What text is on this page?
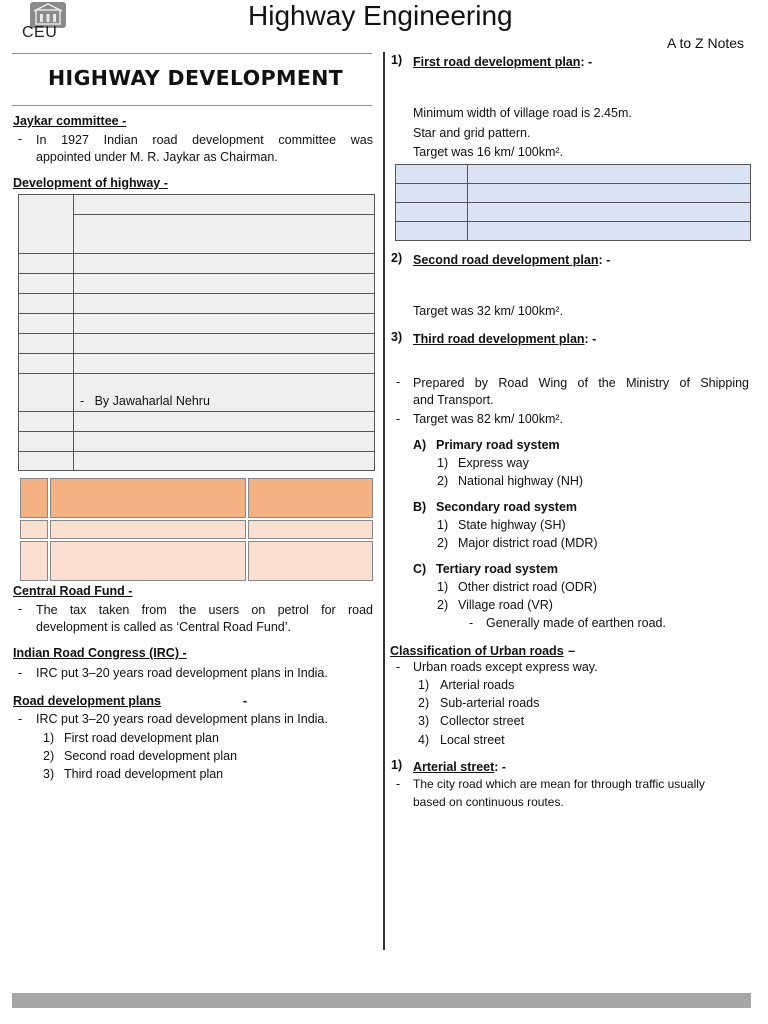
CEU
Highway Engineering
A to Z Notes
HIGHWAY DEVELOPMENT
Jaykar committee -
- In 1927 Indian road development committee was
appointed under M. R. Jaykar as Chairman.
Development of highway -

	- By Jawaharlal Nehru

Central Road Fund -
- The tax taken from the users on petrol for road
development is called as ‘Central Road Fund’.
Indian Road Congress (IRC) -
- IRC put 3–20 years road development plans in India.
Road development plans	-
- IRC put 3–20 years road development plans in India.
1) First road development plan
2) Second road development plan
3) Third road development plan
1) First road development plan: -
Minimum width of village road is 2.45m.
Star and grid pattern.
Target was 16 km/ 100km².

2) Second road development plan: -
Target was 32 km/ 100km².
3) Third road development plan: -
- Prepared by Road Wing of the Ministry of Shipping
and Transport.
- Target was 82 km/ 100km².
A) Primary road system
1) Express way
2) National highway (NH)
B) Secondary road system
1) State highway (SH)
2) Major district road (MDR)
C) Tertiary road system
1) Other district road (ODR)
2) Village road (VR)
- Generally made of earthen road.
Classification of Urban roads –
- Urban roads except express way.
1) Arterial roads
2) Sub-arterial roads
3) Collector street
4) Local street
1) Arterial street: -
- The city road which are mean for through traffic usually
based on continuous routes.
